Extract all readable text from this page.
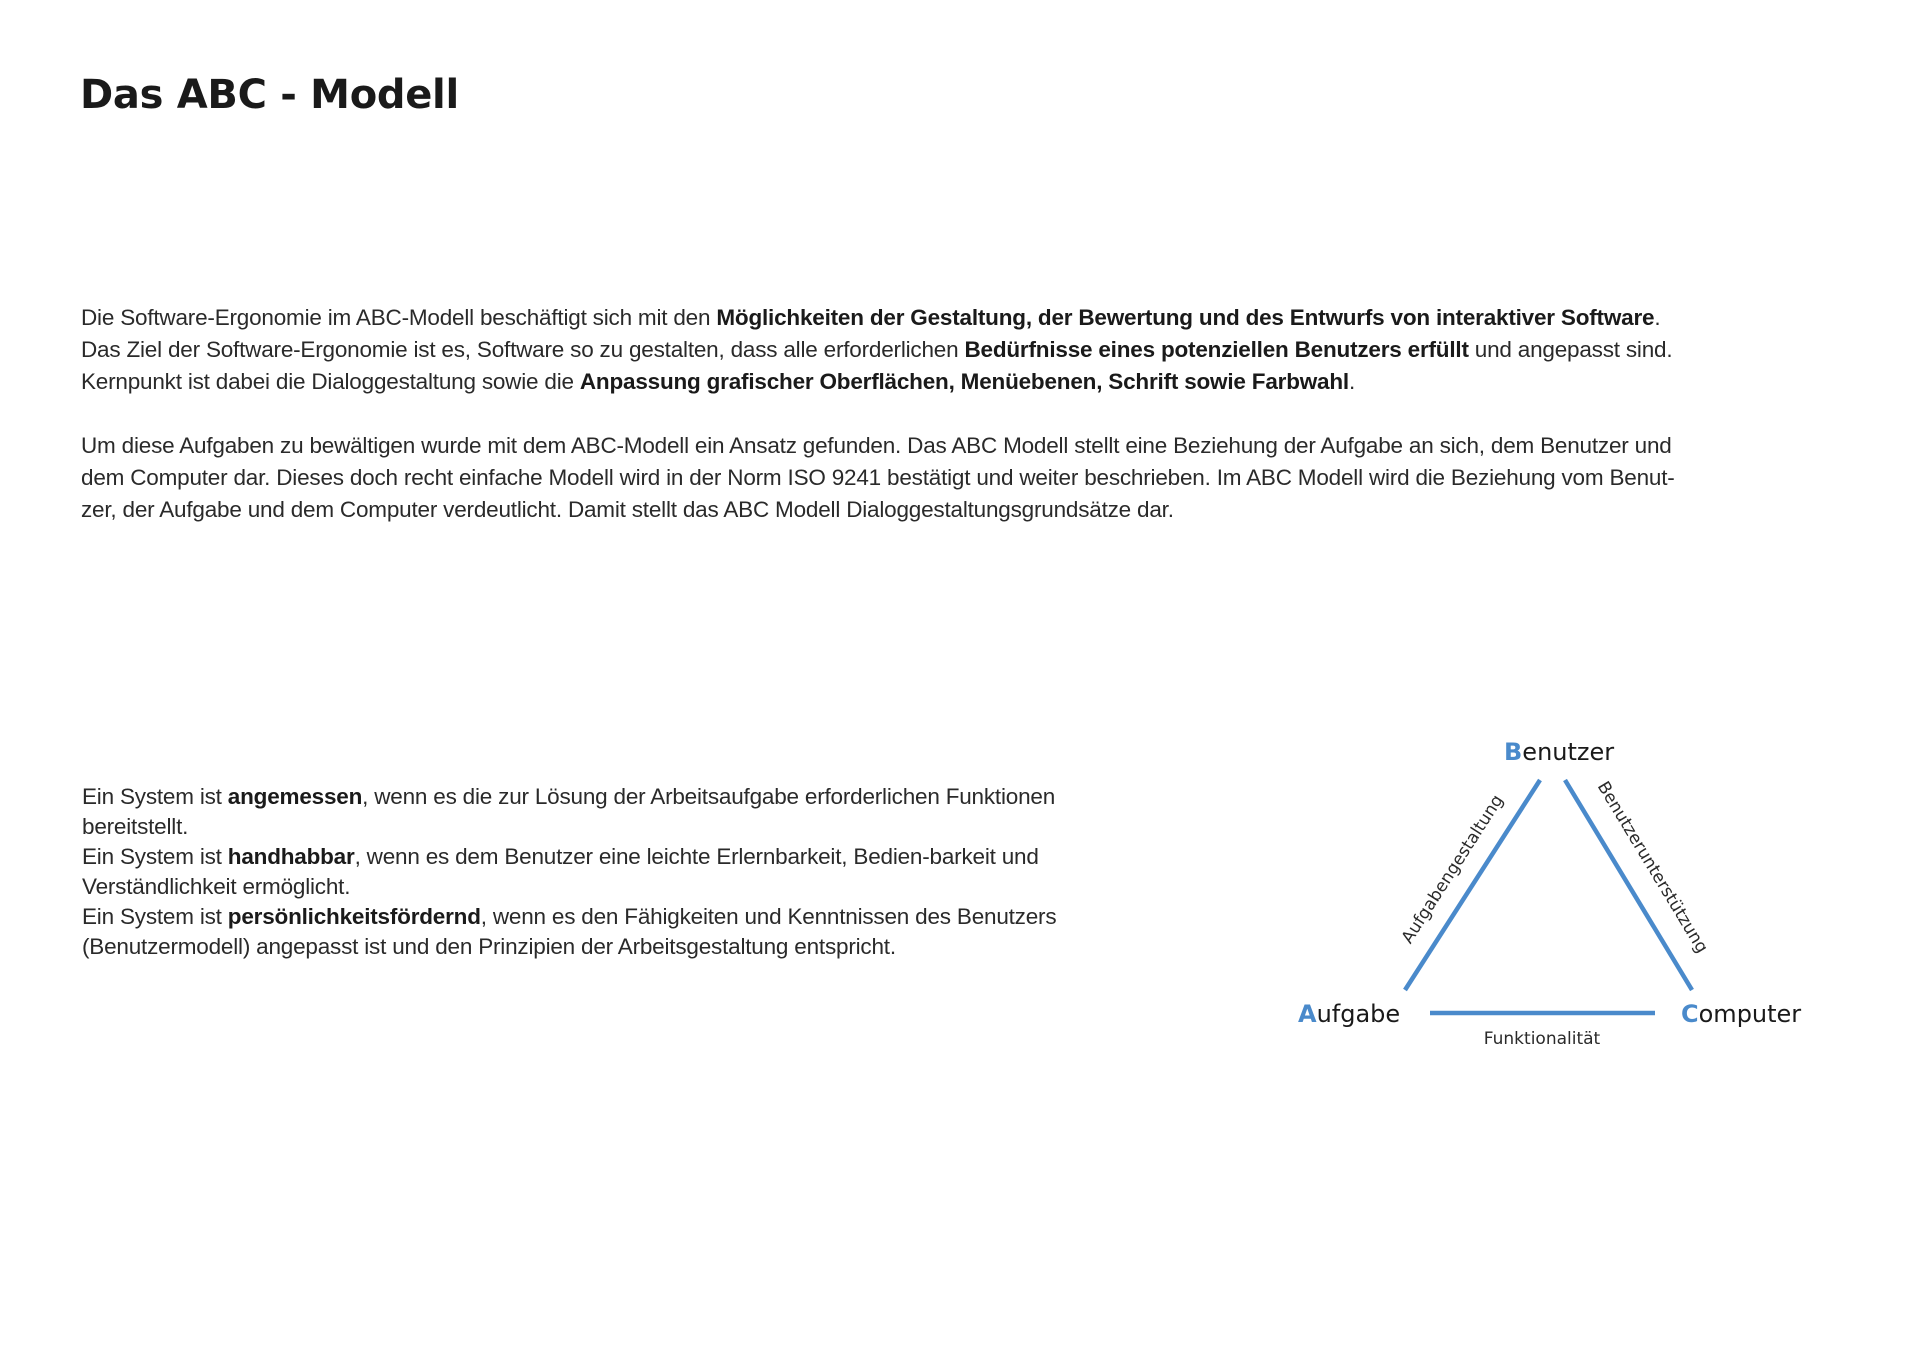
Das ABC - Modell

Die Software-Ergonomie im ABC-Modell beschäftigt sich mit den Möglichkeiten der Gestaltung, der Bewertung und des Entwurfs von interaktiver Software.
Das Ziel der Software-Ergonomie ist es, Software so zu gestalten, dass alle erforderlichen Bedürfnisse eines potenziellen Benutzers erfüllt und angepasst sind.
Kernpunkt ist dabei die Dialoggestaltung sowie die Anpassung grafischer Oberflächen, Menüebenen, Schrift sowie Farbwahl.

Um diese Aufgaben zu bewältigen wurde mit dem ABC-Modell ein Ansatz gefunden. Das ABC Modell stellt eine Beziehung der Aufgabe an sich, dem Benutzer und
dem Computer dar. Dieses doch recht einfache Modell wird in der Norm ISO 9241 bestätigt und weiter beschrieben. Im ABC Modell wird die Beziehung vom Benut-
zer, der Aufgabe und dem Computer verdeutlicht. Damit stellt das ABC Modell Dialoggestaltungsgrundsätze dar.

Ein System ist angemessen, wenn es die zur Lösung der Arbeitsaufgabe erforderlichen Funktionen
bereitstellt.

Ein System ist handhabbar, wenn es dem Benutzer eine leichte Erlernbarkeit, Bedien-barkeit und
Verständlichkeit ermöglicht.

Ein System ist persönlichkeitsfördernd, wenn es den Fähigkeiten und Kenntnissen des Benutzers
(Benutzermodell) angepasst ist und den Prinzipien der Arbeitsgestaltung entspricht.

Benutzer
Aufgabe	Computer
Aufgabengestaltung	Benutzerunterstützung
Funktionalität
